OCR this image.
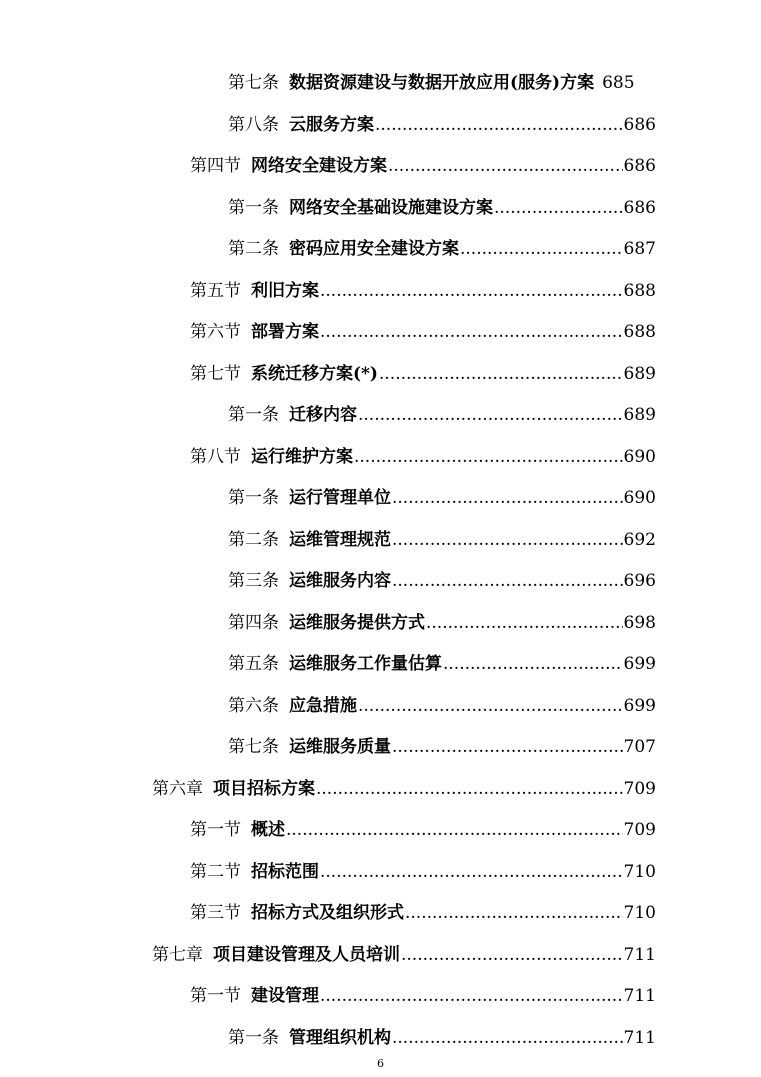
第七条 数据资源建设与数据开放应用(服务)方案 685
第八条 云服务方案 .....	686
第四节 网络安全建设方案 .....	686
第一条 网络安全基础设施建设方案 .....	686
第二条 密码应用安全建设方案 .....	687
第五节 利旧方案 .....	688
第六节 部署方案 .....	688
第七节 系统迁移方案(*) .....	689
第一条 迁移内容 .....	689
第八节 运行维护方案 .....	690
第一条 运行管理单位 .....	690
第二条 运维管理规范 .....	692
第三条 运维服务内容 .....	696
第四条 运维服务提供方式 .....	698
第五条 运维服务工作量估算 .....	699
第六条 应急措施 .....	699
第七条 运维服务质量 .....	707
第六章 项目招标方案 .....	709
第一节 概述 .....	709
第二节 招标范围 .....	710
第三节 招标方式及组织形式 .....	710
第七章 项目建设管理及人员培训 .....	711
第一节 建设管理 .....	711
第一条 管理组织机构 .....	711
6
